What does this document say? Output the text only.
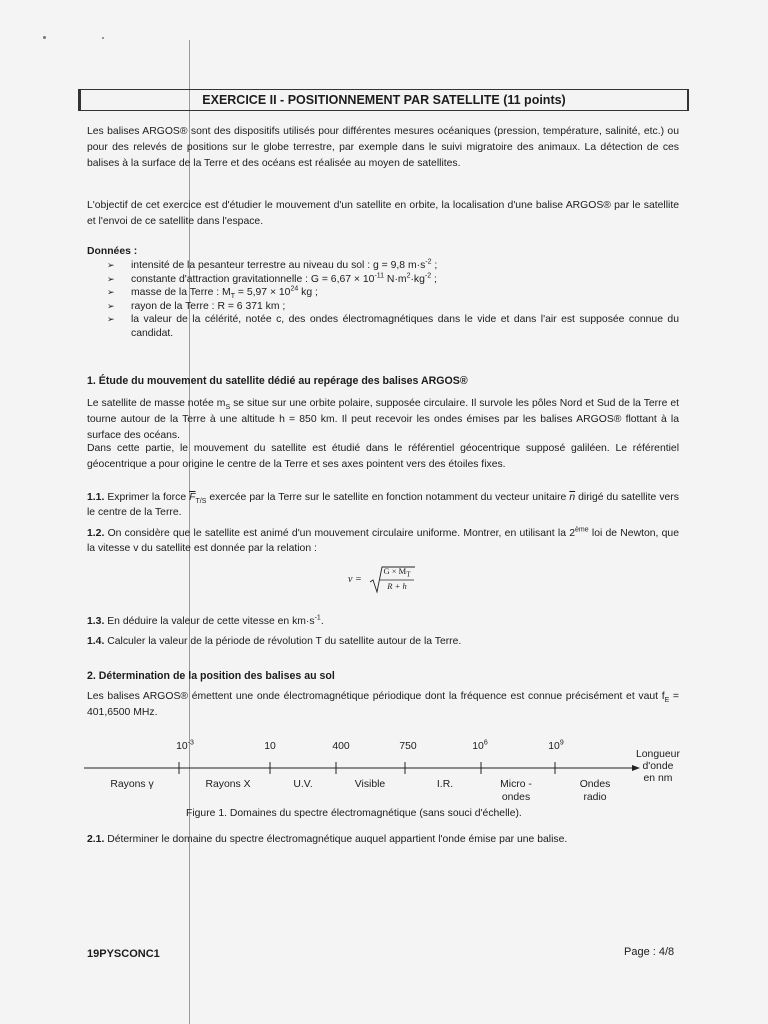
EXERCICE II - POSITIONNEMENT PAR SATELLITE (11 points)
Les balises ARGOS® sont des dispositifs utilisés pour différentes mesures océaniques (pression, température, salinité, etc.) ou pour des relevés de positions sur le globe terrestre, par exemple dans le suivi migratoire des animaux. La détection de ces balises à la surface de la Terre et des océans est réalisée au moyen de satellites.
L'objectif de cet exercice est d'étudier le mouvement d'un satellite en orbite, la localisation d'une balise ARGOS® par le satellite et l'envoi de ce satellite dans l'espace.
Données :
➢ intensité de la pesanteur terrestre au niveau du sol : g = 9,8 $m\cdot s^{-2}$ ;
➢ constante d'attraction gravitationnelle : $G = 6,67 \times 10^{-11}$ $N\cdot m^2\cdot kg^{-2}$ ;
➢ masse de la Terre : $M_T = 5,97 \times 10^{24}$ kg ;
➢ rayon de la Terre : R = 6 371 km ;
➢ la valeur de la célérité, notée c, des ondes électromagnétiques dans le vide et dans l'air est supposée connue du candidat.
1. Étude du mouvement du satellite dédié au repérage des balises ARGOS®
Le satellite de masse notée $m_S$ se situe sur une orbite polaire, supposée circulaire. Il survole les pôles Nord et Sud de la Terre et tourne autour de la Terre à une altitude h = 850 km. Il peut recevoir les ondes émises par les balises ARGOS® flottant à la surface des océans.
Dans cette partie, le mouvement du satellite est étudié dans le référentiel géocentrique supposé galiléen. Le référentiel géocentrique a pour origine le centre de la Terre et ses axes pointent vers des étoiles fixes.
1.1. Exprimer la force $\overline{F}_{T/S}$ exercée par la Terre sur le satellite en fonction notamment du vecteur unitaire $\overline{n}$ dirigé du satellite vers le centre de la Terre.
1.2. On considère que le satellite est animé d'un mouvement circulaire uniforme. Montrer, en utilisant la 2ème loi de Newton, que la vitesse v du satellite est donnée par la relation :
v =
$G \times M_T$
R + h
1.3. En déduire la valeur de cette vitesse en $km\cdot s^{-1}$.
1.4. Calculer la valeur de la période de révolution T du satellite autour de la Terre.
2. Détermination de la position des balises au sol
Les balises ARGOS® émettent une onde électromagnétique périodique dont la fréquence est connue précisément et vaut $f_E = 401,6500$ MHz.
$10^{-3}$	10	400	750	$10^6$	$10^9$
Longueur
d'onde
en nm
Rayons γ	Rayons X	U.V.	Visible	I.R.	Micro -
ondes
Ondes
radio
Figure 1. Domaines du spectre électromagnétique (sans souci d'échelle).
2.1. Déterminer le domaine du spectre électromagnétique auquel appartient l'onde émise par une balise.
19PYSCONC1	Page : 4/8
